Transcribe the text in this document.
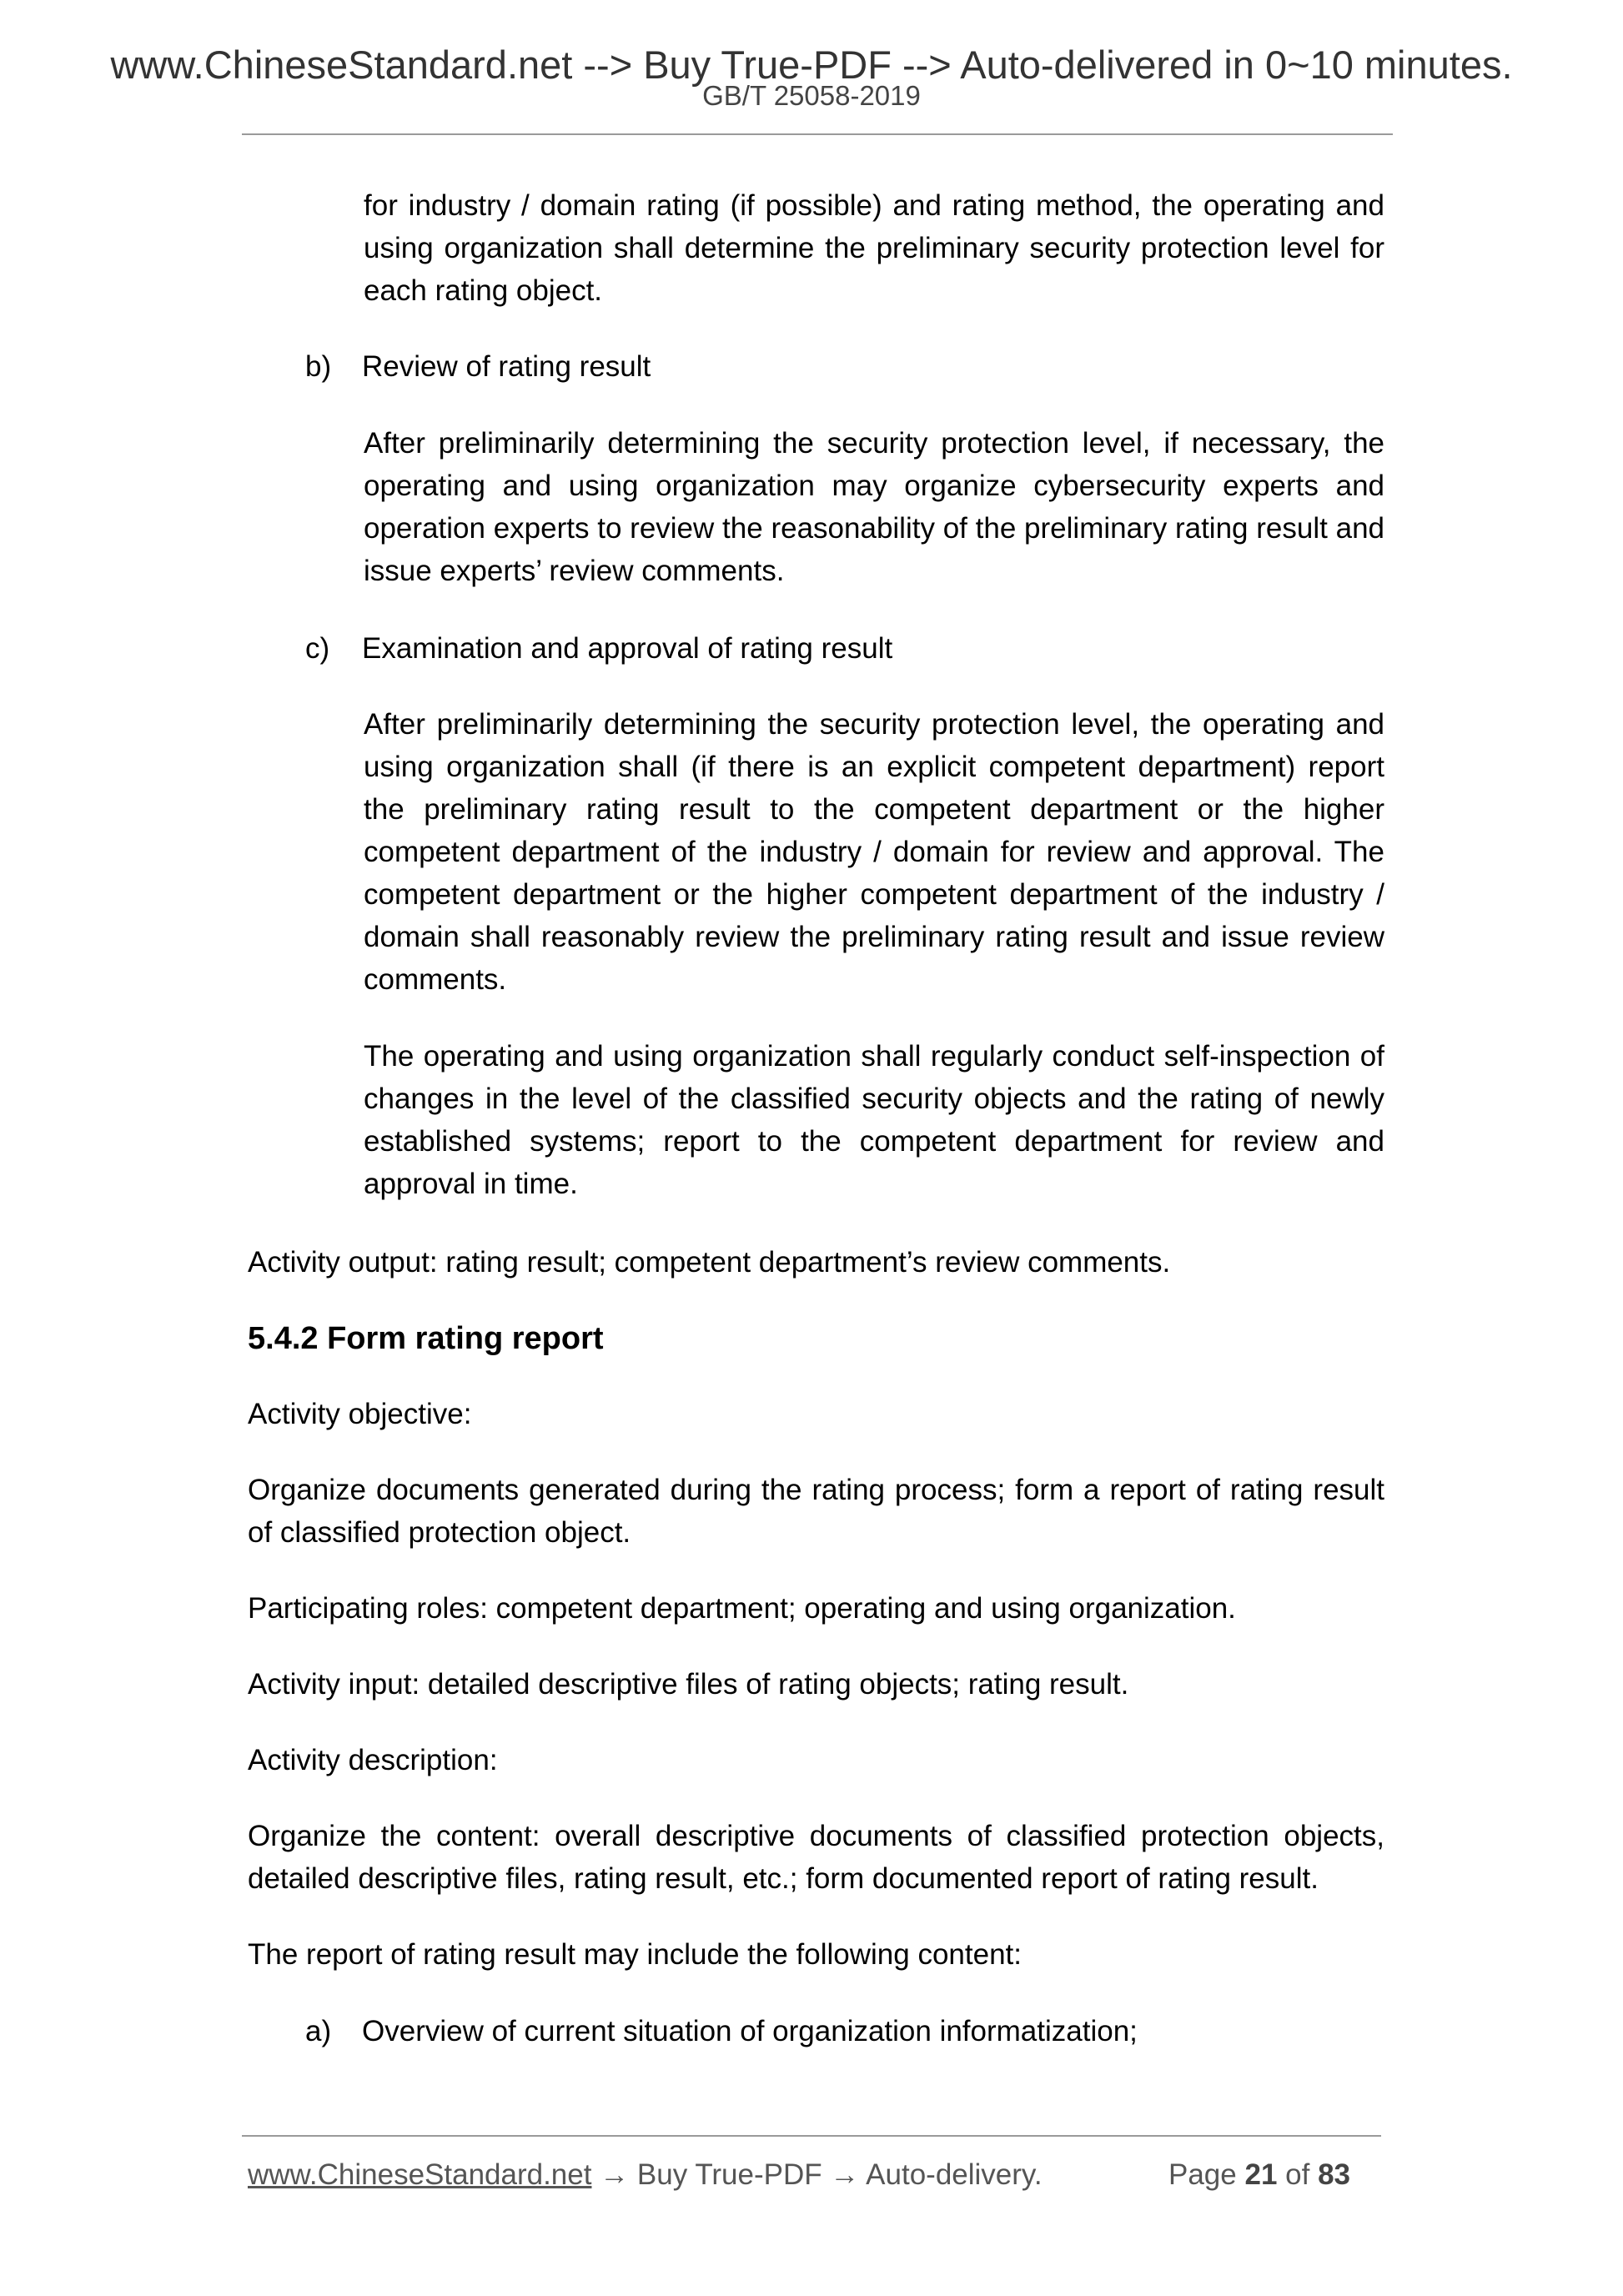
www.ChineseStandard.net --> Buy True-PDF --> Auto-delivered in 0~10 minutes.
GB/T 25058-2019

for industry / domain rating (if possible) and rating method, the operating and using organization shall determine the preliminary security protection level for each rating object.

b) Review of rating result

After preliminarily determining the security protection level, if necessary, the operating and using organization may organize cybersecurity experts and operation experts to review the reasonability of the preliminary rating result and issue experts’ review comments.

c) Examination and approval of rating result

After preliminarily determining the security protection level, the operating and using organization shall (if there is an explicit competent department) report the preliminary rating result to the competent department or the higher competent department of the industry / domain for review and approval. The competent department or the higher competent department of the industry / domain shall reasonably review the preliminary rating result and issue review comments.

The operating and using organization shall regularly conduct self-inspection of changes in the level of the classified security objects and the rating of newly established systems; report to the competent department for review and approval in time.

Activity output: rating result; competent department’s review comments.

5.4.2 Form rating report

Activity objective:

Organize documents generated during the rating process; form a report of rating result of classified protection object.

Participating roles: competent department; operating and using organization.

Activity input: detailed descriptive files of rating objects; rating result.

Activity description:

Organize the content: overall descriptive documents of classified protection objects, detailed descriptive files, rating result, etc.; form documented report of rating result.

The report of rating result may include the following content:

a) Overview of current situation of organization informatization;
www.ChineseStandard.net → Buy True-PDF → Auto-delivery.	Page 21 of 83
